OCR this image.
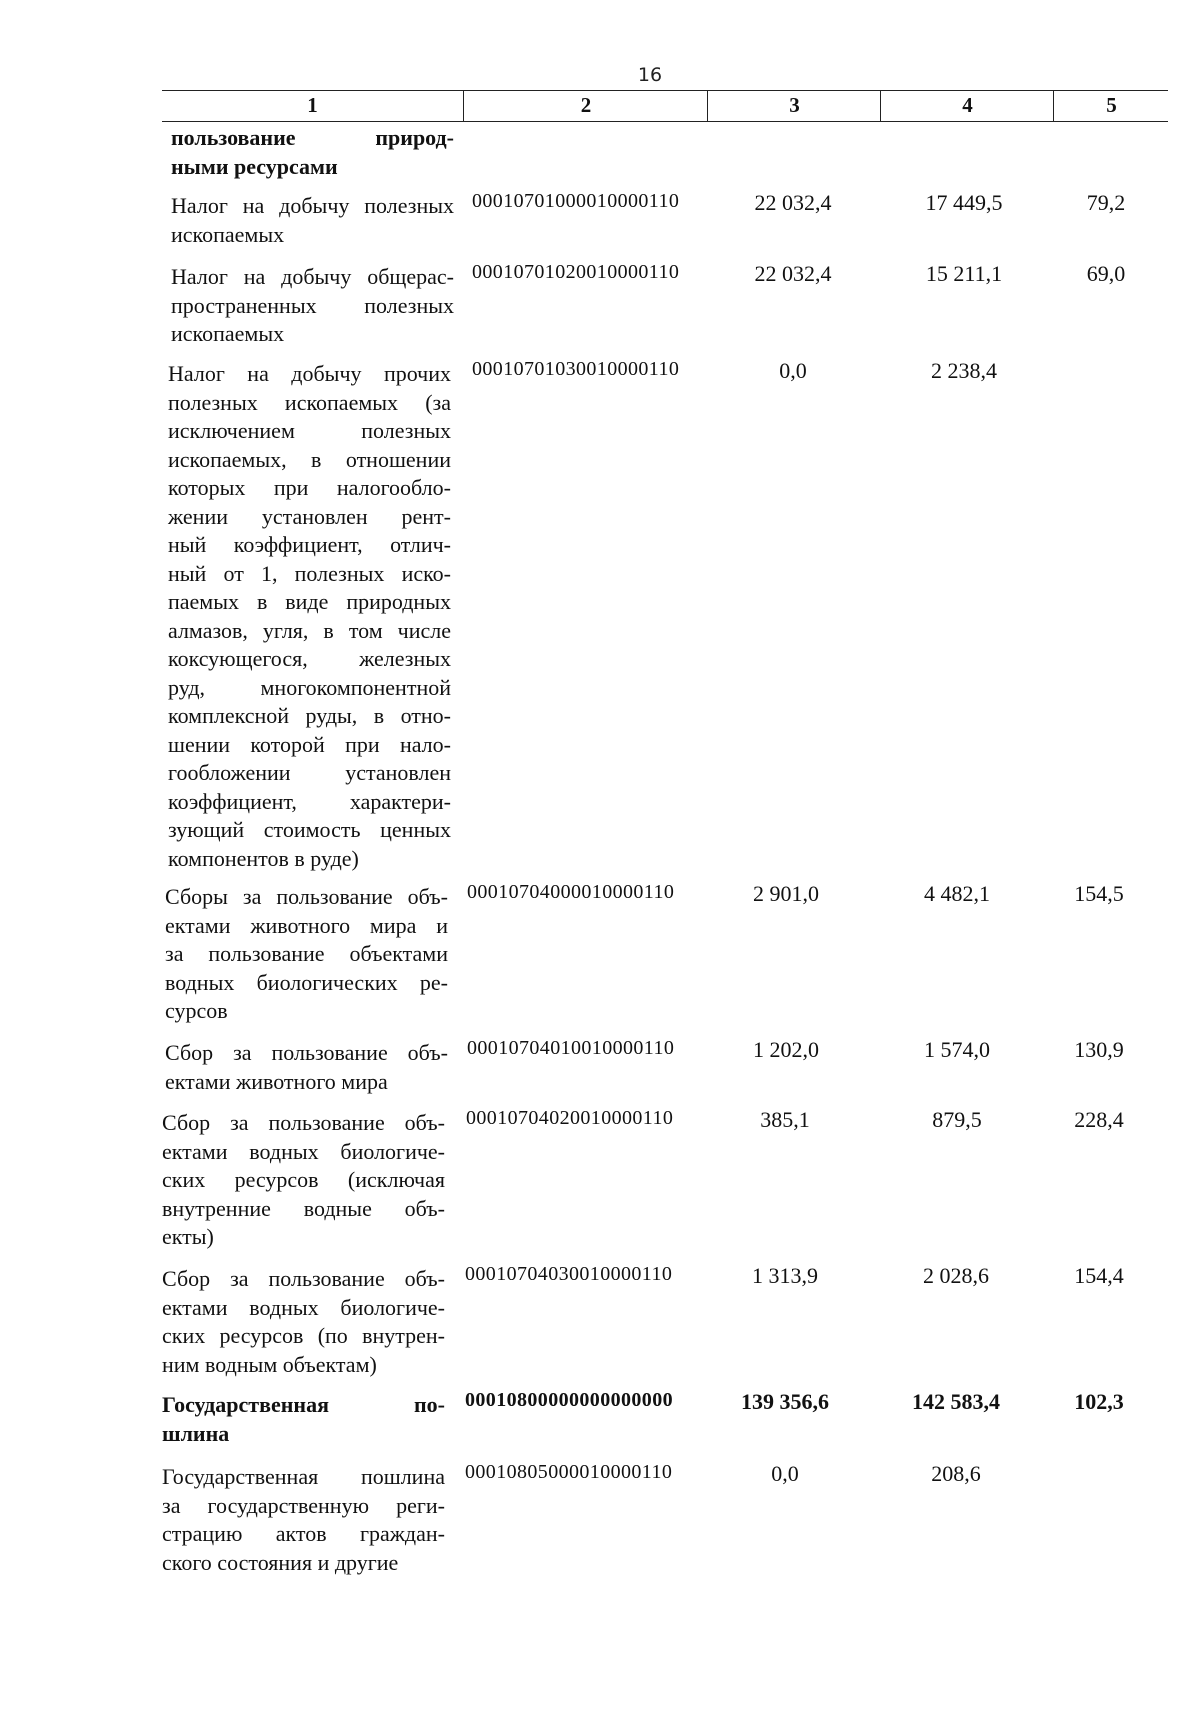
16
1	2	3	4	5
пользование природ-
ными ресурсами
Налог на добычу полезных
ископаемых
00010701000010000110	22 032,4	17 449,5	79,2
Налог на добычу общерас-
пространенных полезных
ископаемых
00010701020010000110	22 032,4	15 211,1	69,0
Налог на добычу прочих
полезных ископаемых (за
исключением полезных
ископаемых, в отношении
которых при налогообло-
жении установлен рент-
ный коэффициент, отлич-
ный от 1, полезных иско-
паемых в виде природных
алмазов, угля, в том числе
коксующегося, железных
руд, многокомпонентной
комплексной руды, в отно-
шении которой при нало-
гообложении установлен
коэффициент, характери-
зующий стоимость ценных
компонентов в руде)
00010701030010000110	0,0	2 238,4
Сборы за пользование объ-
ектами животного мира и
за пользование объектами
водных биологических ре-
сурсов
00010704000010000110	2 901,0	4 482,1	154,5
Сбор за пользование объ-
ектами животного мира
00010704010010000110	1 202,0	1 574,0	130,9
Сбор за пользование объ-
ектами водных биологиче-
ских ресурсов (исключая
внутренние водные объ-
екты)
00010704020010000110	385,1	879,5	228,4
Сбор за пользование объ-
ектами водных биологиче-
ских ресурсов (по внутрен-
ним водным объектам)
00010704030010000110	1 313,9	2 028,6	154,4
Государственная по-
шлина
00010800000000000000	139 356,6	142 583,4	102,3
Государственная пошлина
за государственную реги-
страцию актов граждан-
ского состояния и другие
00010805000010000110	0,0	208,6
